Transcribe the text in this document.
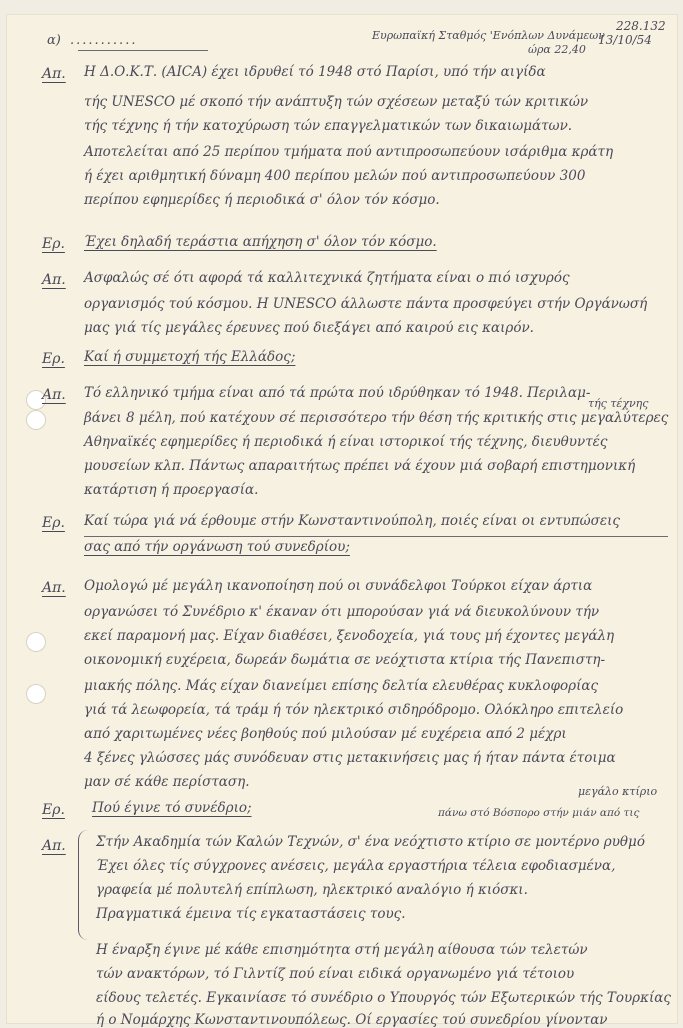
α) ...........	Ευρωπαϊκή Σταθμός 'Ενόπλων Δυνάμεων
ώρα 22,40
13/10/54
228.132
Απ.
Ερ.
Απ.
Ερ.
Απ.
Ερ.
Απ.
Ερ.
Απ.
Η Δ.Ο.Κ.Τ. (AICA) έχει ιδρυθεί τό 1948 στό Παρίσι, υπό τήν αιγίδα
τής UNESCO μέ σκοπό τήν ανάπτυξη τών σχέσεων μεταξύ τών κριτικών
τής τέχνης ή τήν κατοχύρωση τών επαγγελματικών των δικαιωμάτων.
Αποτελείται από 25 περίπου τμήματα πού αντιπροσωπεύουν ισάριθμα κράτη
ή έχει αριθμητική δύναμη 400 περίπου μελών πού αντιπροσωπεύουν 300
περίπου εφημερίδες ή περιοδικά σ' όλον τόν κόσμο.
Έχει δηλαδή τεράστια απήχηση σ' όλον τόν κόσμο.
Ασφαλώς σέ ότι αφορά τά καλλιτεχνικά ζητήματα είναι ο πιό ισχυρός
οργανισμός τού κόσμου. Η UNESCO άλλωστε πάντα προσφεύγει στήν Οργάνωσή
μας γιά τίς μεγάλες έρευνες πού διεξάγει από καιρού εις καιρόν.
Καί ή συμμετοχή τής Ελλάδος;
Τό ελληνικό τμήμα είναι από τά πρώτα πού ιδρύθηκαν τό 1948. Περιλαμ-
τής τέχνης
βάνει 8 μέλη, πού κατέχουν σέ περισσότερο τήν θέση τής κριτικής στις μεγαλύτερες
Αθηναϊκές εφημερίδες ή περιοδικά ή είναι ιστορικοί τής τέχνης, διευθυντές
μουσείων κλπ. Πάντως απαραιτήτως πρέπει νά έχουν μιά σοβαρή επιστημονική
κατάρτιση ή προεργασία.
Καί τώρα γιά νά έρθουμε στήν Κωνσταντινούπολη, ποιές είναι οι εντυπώσεις
σας από τήν οργάνωση τού συνεδρίου;
Ομολογώ μέ μεγάλη ικανοποίηση πού οι συνάδελφοι Τούρκοι είχαν άρτια
οργανώσει τό Συνέδριο κ' έκαναν ότι μπορούσαν γιά νά διευκολύνουν τήν
εκεί παραμονή μας. Είχαν διαθέσει, ξενοδοχεία, γιά τους μή έχοντες μεγάλη
οικονομική ευχέρεια, δωρεάν δωμάτια σε νεόχτιστα κτίρια τής Πανεπιστη-
μιακής πόλης. Μάς είχαν διανείμει επίσης δελτία ελευθέρας κυκλοφορίας
γιά τά λεωφορεία, τά τράμ ή τόν ηλεκτρικό σιδηρόδρομο. Ολόκληρο επιτελείο
από χαριτωμένες νέες βοηθούς πού μιλούσαν μέ ευχέρεια από 2 μέχρι
4 ξένες γλώσσες μάς συνόδευαν στις μετακινήσεις μας ή ήταν πάντα έτοιμα
μαν σέ κάθε περίσταση.
μεγάλο κτίριο
πάνω στό Βόσπορο στήν μιάν από τις
Πού έγινε τό συνέδριο;
Στήν Ακαδημία τών Καλών Τεχνών, σ' ένα νεόχτιστο κτίριο σε μοντέρνο ρυθμό
Έχει όλες τίς σύγχρονες ανέσεις, μεγάλα εργαστήρια τέλεια εφοδιασμένα,
γραφεία μέ πολυτελή επίπλωση, ηλεκτρικό αναλόγιο ή κιόσκι.
Πραγματικά έμεινα τίς εγκαταστάσεις τους.
Η έναρξη έγινε μέ κάθε επισημότητα στή μεγάλη αίθουσα τών τελετών
τών ανακτόρων, τό Γιλντίζ πού είναι ειδικά οργανωμένο γιά τέτοιου
είδους τελετές. Εγκαινίασε τό συνέδριο ο Υπουργός τών Εξωτερικών τής Τουρκίας
ή ο Νομάρχης Κωνσταντινουπόλεως. Οί εργασίες τού συνεδρίου γίνονταν
